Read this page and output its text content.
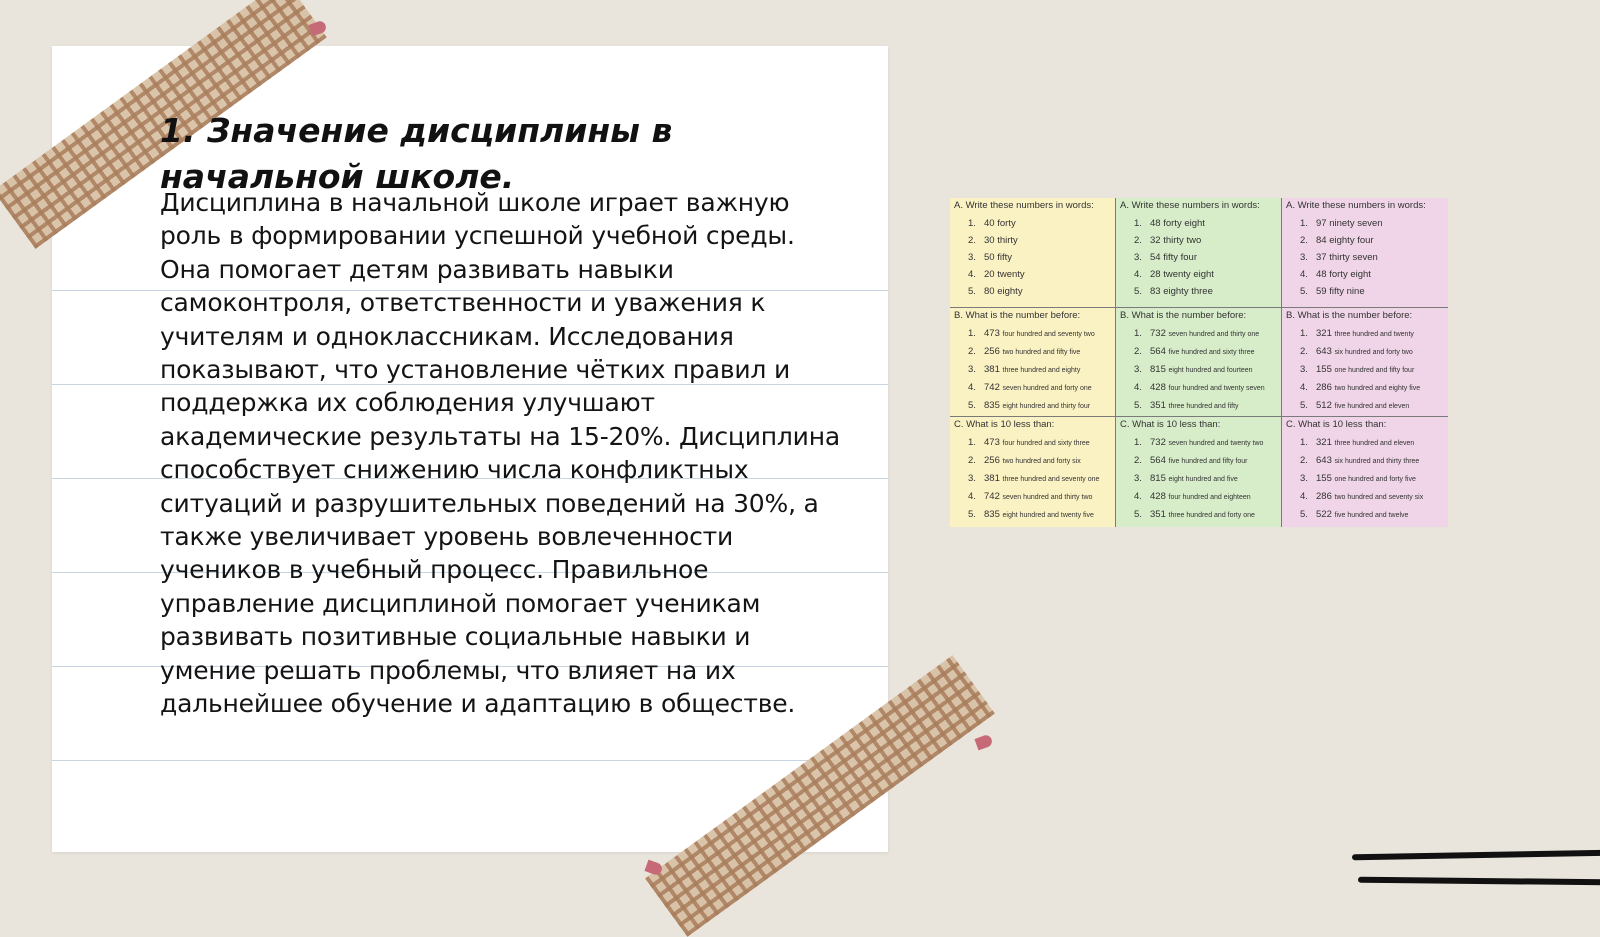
1. Значение дисциплины в начальной школе.

Дисциплина в начальной школе играет важную роль в формировании успешной учебной среды. Она помогает детям развивать навыки самоконтроля, ответственности и уважения к учителям и одноклассникам. Исследования показывают, что установление чётких правил и поддержка их соблюдения улучшают академические результаты на 15-20%. Дисциплина способствует снижению числа конфликтных ситуаций и разрушительных поведений на 30%, а также увеличивает уровень вовлеченности учеников в учебный процесс. Правильное управление дисциплиной помогает ученикам развивать позитивные социальные навыки и умение решать проблемы, что влияет на их дальнейшее обучение и адаптацию в обществе.

A. Write these numbers in words:
1. 40 forty
2. 30 thirty
3. 50 fifty
4. 20 twenty
5. 80 eighty
A. Write these numbers in words:
1. 48 forty eight
2. 32 thirty two
3. 54 fifty four
4. 28 twenty eight
5. 83 eighty three
A. Write these numbers in words:
1. 97 ninety seven
2. 84 eighty four
3. 37 thirty seven
4. 48 forty eight
5. 59 fifty nine
B. What is the number before:
1. 473 four hundred and seventy two
2. 256 two hundred and fifty five
3. 381 three hundred and eighty
4. 742 seven hundred and forty one
5. 835 eight hundred and thirty four
B. What is the number before:
1. 732 seven hundred and thirty one
2. 564 five hundred and sixty three
3. 815 eight hundred and fourteen
4. 428 four hundred and twenty seven
5. 351 three hundred and fifty
B. What is the number before:
1. 321 three hundred and twenty
2. 643 six hundred and forty two
3. 155 one hundred and fifty four
4. 286 two hundred and eighty five
5. 512 five hundred and eleven
C. What is 10 less than:
1. 473 four hundred and sixty three
2. 256 two hundred and forty six
3. 381 three hundred and seventy one
4. 742 seven hundred and thirty two
5. 835 eight hundred and twenty five
C. What is 10 less than:
1. 732 seven hundred and twenty two
2. 564 five hundred and fifty four
3. 815 eight hundred and five
4. 428 four hundred and eighteen
5. 351 three hundred and forty one
C. What is 10 less than:
1. 321 three hundred and eleven
2. 643 six hundred and thirty three
3. 155 one hundred and forty five
4. 286 two hundred and seventy six
5. 522 five hundred and twelve
